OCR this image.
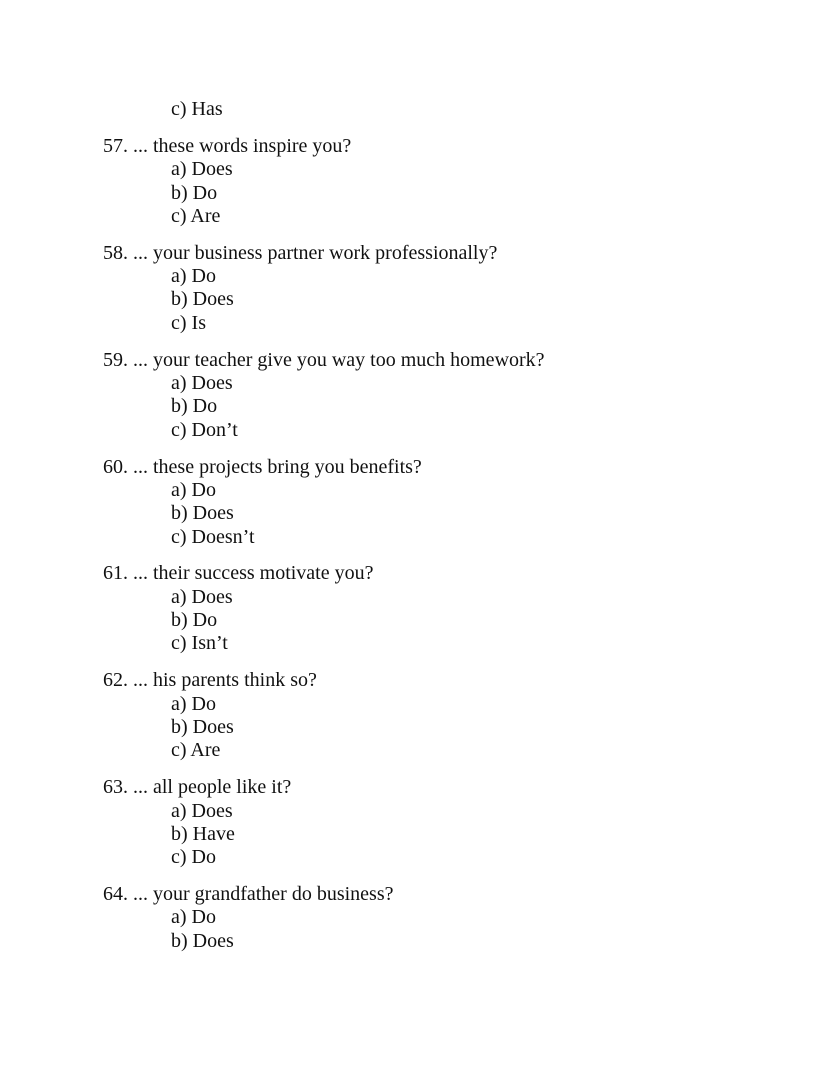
c) Has
57. ... these words inspire you?
a) Does
b) Do
c) Are
58. ... your business partner work professionally?
a) Do
b) Does
c) Is
59. ... your teacher give you way too much homework?
a) Does
b) Do
c) Don’t
60. ... these projects bring you benefits?
a) Do
b) Does
c) Doesn’t
61. ... their success motivate you?
a) Does
b) Do
c) Isn’t
62. ... his parents think so?
a) Do
b) Does
c) Are
63. ... all people like it?
a) Does
b) Have
c) Do
64. ... your grandfather do business?
a) Do
b) Does
